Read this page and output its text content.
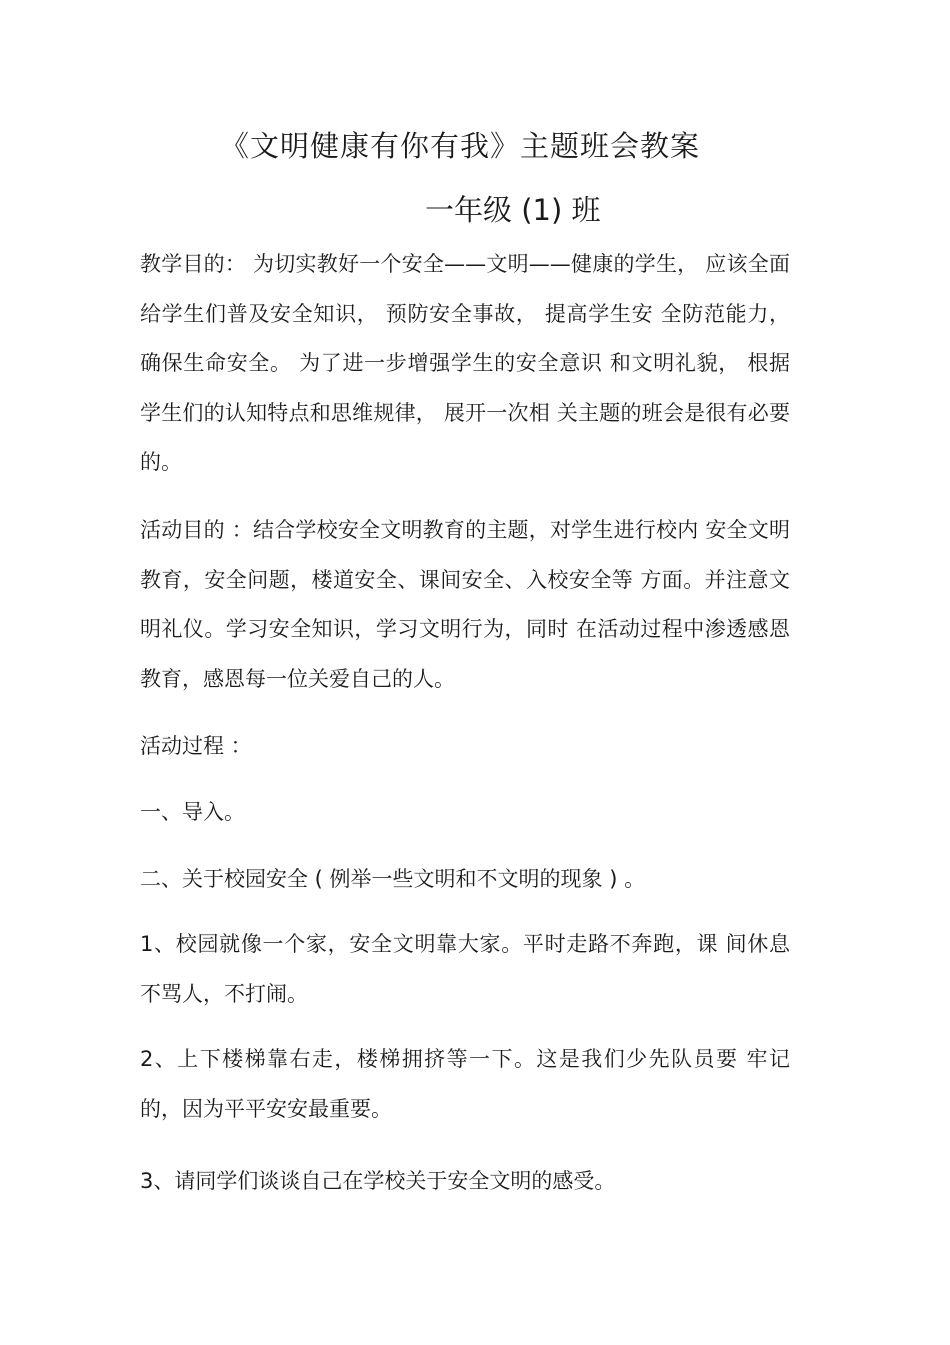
《文明健康有你有我》主题班会教案
一年级 (1) 班

教学目的： 为切实教好一个安全——文明——健康的学生， 应该全面给学生们普及安全知识， 预防安全事故， 提高学生安 全防范能力， 确保生命安全。 为了进一步增强学生的安全意识 和文明礼貌， 根据学生们的认知特点和思维规律， 展开一次相 关主题的班会是很有必要的。

活动目的 ：结合学校安全文明教育的主题，对学生进行校内 安全文明教育，安全问题，楼道安全、课间安全、入校安全等 方面。并注意文明礼仪。学习安全知识，学习文明行为，同时 在活动过程中渗透感恩教育，感恩每一位关爱自己的人。

活动过程 ：

一、导入。

二、关于校园安全 ( 例举一些文明和不文明的现象 ) 。

1、校园就像一个家，安全文明靠大家。平时走路不奔跑，课 间休息不骂人，不打闹。

2、上下楼梯靠右走，楼梯拥挤等一下。这是我们少先队员要 牢记的，因为平平安安最重要。

3、请同学们谈谈自己在学校关于安全文明的感受。
